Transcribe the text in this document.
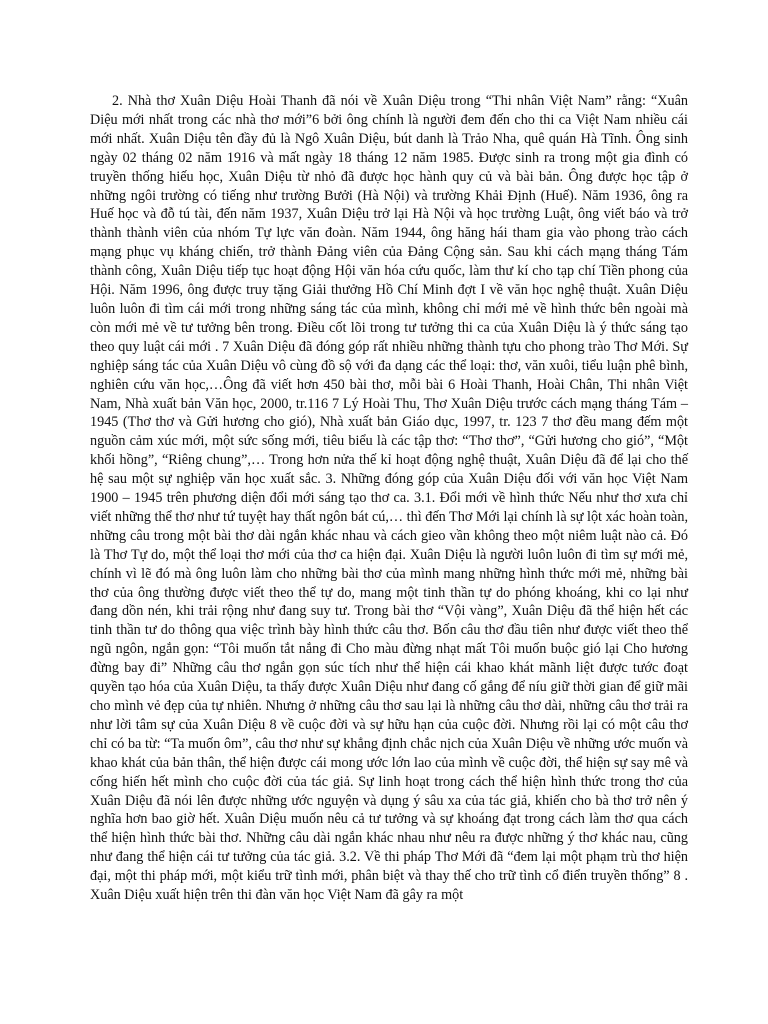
2. Nhà thơ Xuân Diệu Hoài Thanh đã nói về Xuân Diệu trong “Thi nhân Việt Nam” rằng: “Xuân Diệu mới nhất trong các nhà thơ mới”6 bởi ông chính là người đem đến cho thi ca Việt Nam nhiều cái mới nhất. Xuân Diệu tên đầy đủ là Ngô Xuân Diệu, bút danh là Trảo Nha, quê quán Hà Tĩnh. Ông sinh ngày 02 tháng 02 năm 1916 và mất ngày 18 tháng 12 năm 1985. Được sinh ra trong một gia đình có truyền thống hiếu học, Xuân Diệu từ nhỏ đã được học hành quy củ và bài bản. Ông được học tập ở những ngôi trường có tiếng như trường Bưởi (Hà Nội) và trường Khải Định (Huế). Năm 1936, ông ra Huế học và đỗ tú tài, đến năm 1937, Xuân Diệu trở lại Hà Nội và học trường Luật, ông viết báo và trở thành thành viên của nhóm Tự lực văn đoàn. Năm 1944, ông hăng hái tham gia vào phong trào cách mạng phục vụ kháng chiến, trở thành Đảng viên của Đảng Cộng sản. Sau khi cách mạng tháng Tám thành công, Xuân Diệu tiếp tục hoạt động Hội văn hóa cứu quốc, làm thư kí cho tạp chí Tiền phong của Hội. Năm 1996, ông được truy tặng Giải thưởng Hồ Chí Minh đợt I về văn học nghệ thuật. Xuân Diệu luôn luôn đi tìm cái mới trong những sáng tác của mình, không chỉ mới mẻ về hình thức bên ngoài mà còn mới mẻ về tư tưởng bên trong. Điều cốt lõi trong tư tưởng thi ca của Xuân Diệu là ý thức sáng tạo theo quy luật cái mới . 7 Xuân Diệu đã đóng góp rất nhiều những thành tựu cho phong trào Thơ Mới. Sự nghiệp sáng tác của Xuân Diệu vô cùng đồ sộ với đa dạng các thể loại: thơ, văn xuôi, tiểu luận phê bình, nghiên cứu văn học,…Ông đã viết hơn 450 bài thơ, mỗi bài 6 Hoài Thanh, Hoài Chân, Thi nhân Việt Nam, Nhà xuất bản Văn học, 2000, tr.116 7 Lý Hoài Thu, Thơ Xuân Diệu trước cách mạng tháng Tám – 1945 (Thơ thơ và Gửi hương cho gió), Nhà xuất bản Giáo dục, 1997, tr. 123 7 thơ đều mang đếm một nguồn cảm xúc mới, một sức sống mới, tiêu biểu là các tập thơ: “Thơ thơ”, “Gửi hương cho gió”, “Một khối hồng”, “Riêng chung”,… Trong hơn nửa thế kỉ hoạt động nghệ thuật, Xuân Diệu đã để lại cho thế hệ sau một sự nghiệp văn học xuất sắc. 3. Những đóng góp của Xuân Diệu đối với văn học Việt Nam 1900 – 1945 trên phương diện đổi mới sáng tạo thơ ca. 3.1. Đổi mới về hình thức Nếu như thơ xưa chỉ viết những thể thơ như tứ tuyệt hay thất ngôn bát cú,… thì đến Thơ Mới lại chính là sự lột xác hoàn toàn, những câu trong một bài thơ dài ngắn khác nhau và cách gieo vần không theo một niêm luật nào cả. Đó là Thơ Tự do, một thể loại thơ mới của thơ ca hiện đại. Xuân Diệu là người luôn luôn đi tìm sự mới mẻ, chính vì lẽ đó mà ông luôn làm cho những bài thơ của mình mang những hình thức mới mẻ, những bài thơ của ông thường được viết theo thể tự do, mang một tinh thần tự do phóng khoáng, khi co lại như đang dồn nén, khi trải rộng như đang suy tư. Trong bài thơ “Vội vàng”, Xuân Diệu đã thể hiện hết các tinh thần tư do thông qua việc trình bày hình thức câu thơ. Bốn câu thơ đầu tiên như được viết theo thể ngũ ngôn, ngắn gọn: “Tôi muốn tắt nắng đi Cho màu đừng nhạt mất Tôi muốn buộc gió lại Cho hương đừng bay đi” Những câu thơ ngắn gọn súc tích như thể hiện cái khao khát mãnh liệt được tước đoạt quyền tạo hóa của Xuân Diệu, ta thấy được Xuân Diệu như đang cố gắng để níu giữ thời gian để giữ mãi cho mình vẻ đẹp của tự nhiên. Nhưng ở những câu thơ sau lại là những câu thơ dài, những câu thơ trải ra như lời tâm sự của Xuân Diệu 8 về cuộc đời và sự hữu hạn của cuộc đời. Nhưng rồi lại có một câu thơ chỉ có ba từ: “Ta muốn ôm”, câu thơ như sự khẳng định chắc nịch của Xuân Diệu về những ước muốn và khao khát của bản thân, thể hiện được cái mong ước lớn lao của mình về cuộc đời, thể hiện sự say mê và cống hiến hết mình cho cuộc đời của tác giả. Sự linh hoạt trong cách thể hiện hình thức trong thơ của Xuân Diệu đã nói lên được những ước nguyện và dụng ý sâu xa của tác giả, khiến cho bà thơ trở nên ý nghĩa hơn bao giờ hết. Xuân Diệu muốn nêu cả tư tưởng và sự khoáng đạt trong cách làm thơ qua cách thể hiện hình thức bài thơ. Những câu dài ngắn khác nhau như nêu ra được những ý thơ khác nau, cũng như đang thể hiện cái tư tưởng của tác giả. 3.2. Về thi pháp Thơ Mới đã “đem lại một phạm trù thơ hiện đại, một thi pháp mới, một kiểu trữ tình mới, phân biệt và thay thế cho trữ tình cổ điển truyền thống” 8 . Xuân Diệu xuất hiện trên thi đàn văn học Việt Nam đã gây ra một
